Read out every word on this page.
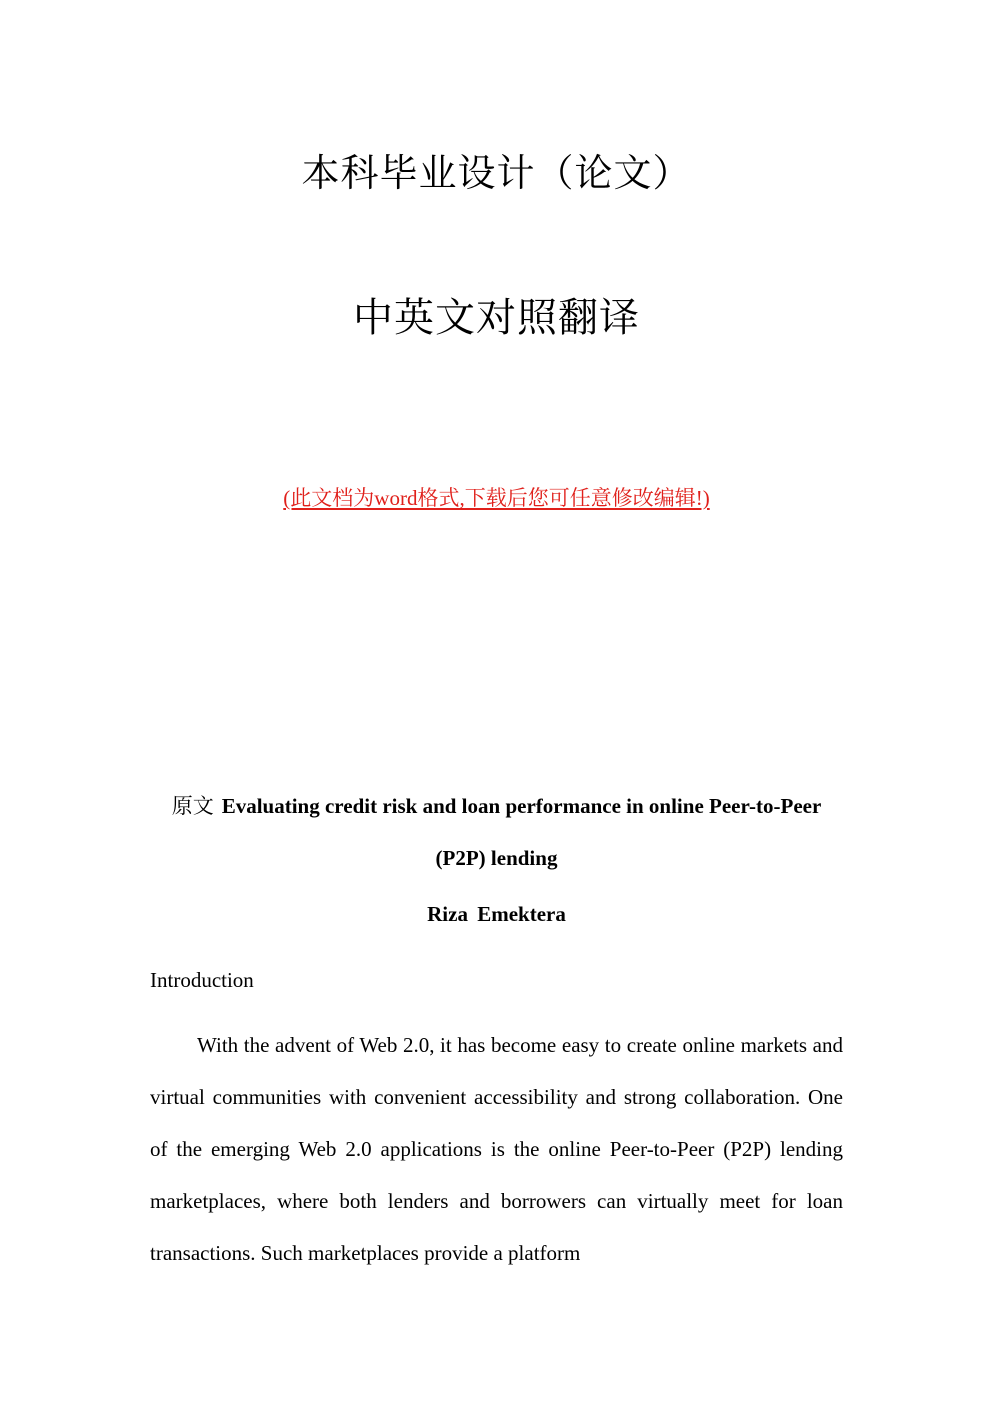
本科毕业设计（论文）
中英文对照翻译
(此文档为word格式,下载后您可任意修改编辑!)
原文 Evaluating credit risk and loan performance in online Peer-to-Peer (P2P) lending
Riza Emektera
Introduction

With the advent of Web 2.0, it has become easy to create online markets and virtual communities with convenient accessibility and strong collaboration. One of the emerging Web 2.0 applications is the online Peer-to-Peer (P2P) lending marketplaces, where both lenders and borrowers can virtually meet for loan transactions. Such marketplaces provide a platform
